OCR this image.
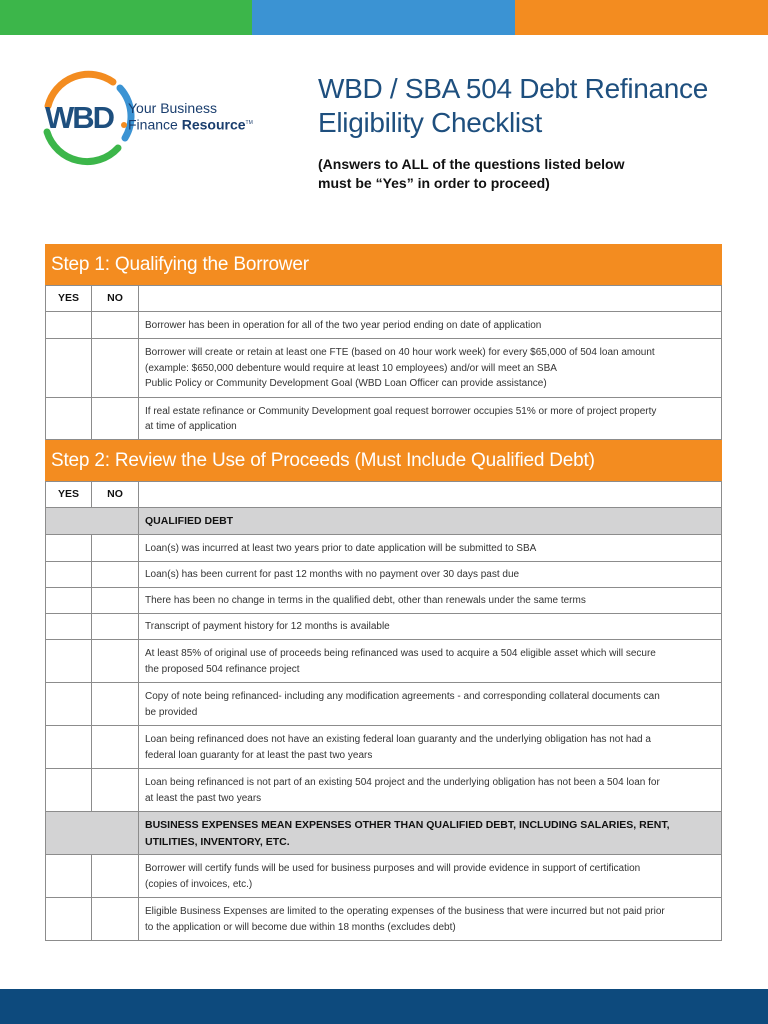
WBD Your Business
Finance Resource™
WBD / SBA 504 Debt Refinance
Eligibility Checklist
(Answers to ALL of the questions listed below
must be “Yes” in order to proceed)
Step 1: Qualifying the Borrower
YES	NO	

		Borrower has been in operation for all of the two year period ending on date of application

		Borrower will create or retain at least one FTE (based on 40 hour work week) for every $65,000 of 504 loan amount
(example: $650,000 debenture would require at least 10 employees) and/or will meet an SBA
Public Policy or Community Development Goal (WBD Loan Officer can provide assistance)

		If real estate refinance or Community Development goal request borrower occupies 51% or more of project property
at time of application
Step 2: Review the Use of Proceeds (Must Include Qualified Debt)
YES	NO	

		QUALIFIED DEBT

		Loan(s) was incurred at least two years prior to date application will be submitted to SBA

		Loan(s) has been current for past 12 months with no payment over 30 days past due

		There has been no change in terms in the qualified debt, other than renewals under the same terms

		Transcript of payment history for 12 months is available

		At least 85% of original use of proceeds being refinanced was used to acquire a 504 eligible asset which will secure
the proposed 504 refinance project

		Copy of note being refinanced- including any modification agreements - and corresponding collateral documents can
be provided

		Loan being refinanced does not have an existing federal loan guaranty and the underlying obligation has not had a
federal loan guaranty for at least the past two years

		Loan being refinanced is not part of an existing 504 project and the underlying obligation has not been a 504 loan for
at least the past two years

		BUSINESS EXPENSES MEAN EXPENSES OTHER THAN QUALIFIED DEBT, INCLUDING SALARIES, RENT,
UTILITIES, INVENTORY, ETC.

		Borrower will certify funds will be used for business purposes and will provide evidence in support of certification
(copies of invoices, etc.)

		Eligible Business Expenses are limited to the operating expenses of the business that were incurred but not paid prior
to the application or will become due within 18 months (excludes debt)
